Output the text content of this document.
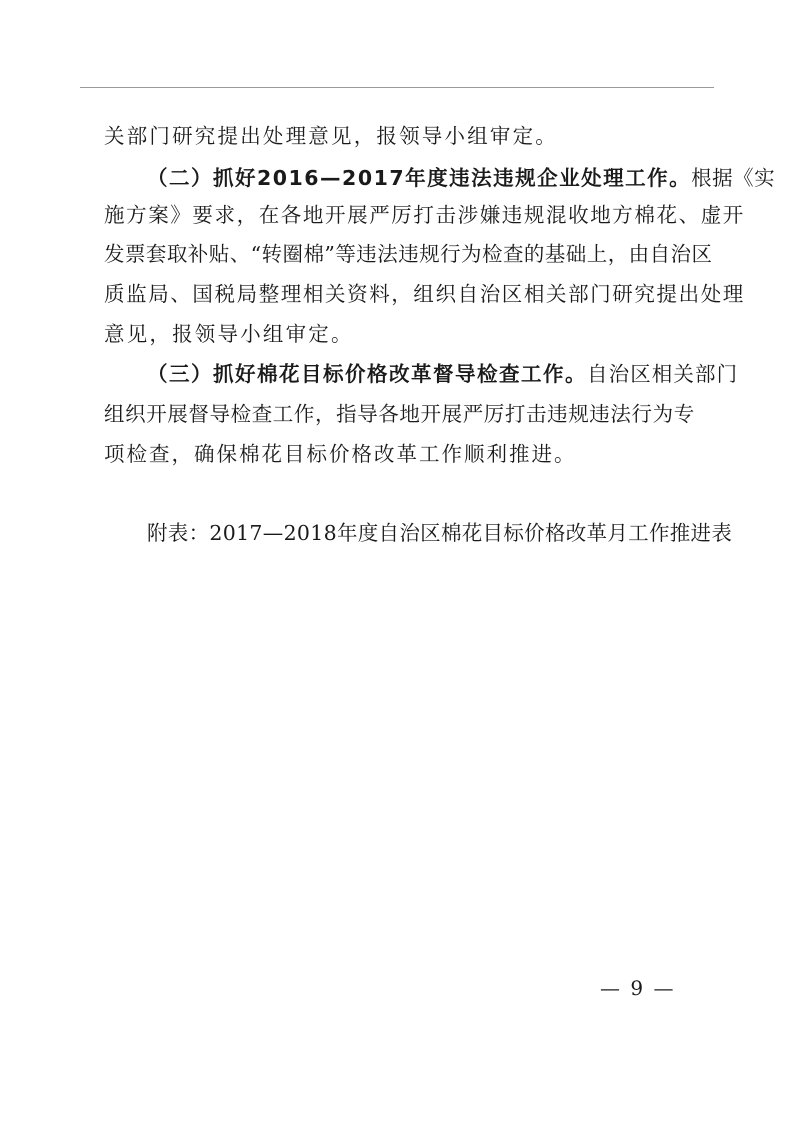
关部门研究提出处理意见，报领导小组审定。
（二）抓好2016—2017年度违法违规企业处理工作。根据《实
施方案》要求，在各地开展严厉打击涉嫌违规混收地方棉花、虚开
发票套取补贴、“转圈棉”等违法违规行为检查的基础上，由自治区
质监局、国税局整理相关资料，组织自治区相关部门研究提出处理
意见，报领导小组审定。
（三）抓好棉花目标价格改革督导检查工作。自治区相关部门
组织开展督导检查工作，指导各地开展严厉打击违规违法行为专
项检查，确保棉花目标价格改革工作顺利推进。
附表：2017—2018年度自治区棉花目标价格改革月工作推进表
— 9 —
